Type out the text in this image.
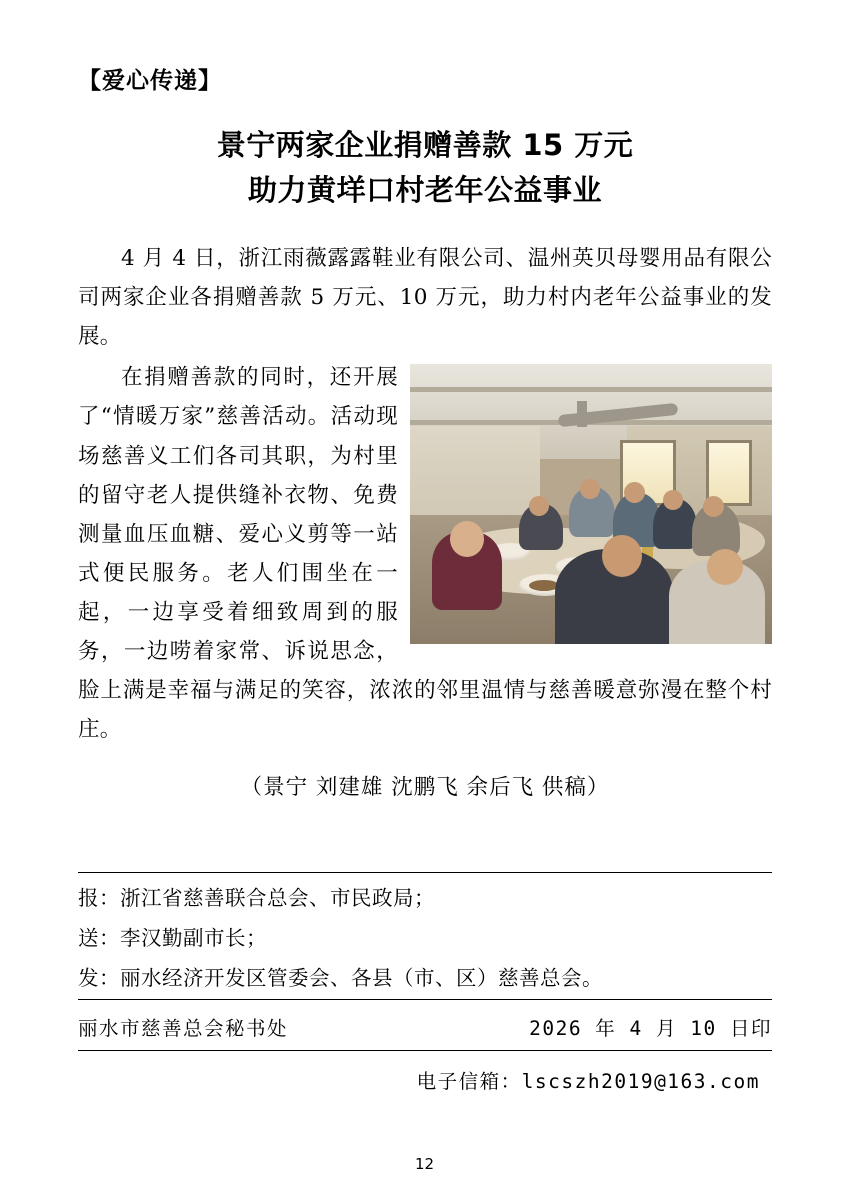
【爱心传递】
景宁两家企业捐赠善款 15 万元
助力黄垟口村老年公益事业

4 月 4 日，浙江雨薇露露鞋业有限公司、温州英贝母婴用品有限公司两家企业各捐赠善款 5 万元、10 万元，助力村内老年公益事业的发展。

在捐赠善款的同时，还开展了“情暖万家”慈善活动。活动现场慈善义工们各司其职，为村里的留守老人提供缝补衣物、免费测量血压血糖、爱心义剪等一站式便民服务。老人们围坐在一起，一边享受着细致周到的服务，一边唠着家常、诉说思念，脸上满是幸福与满足的笑容，浓浓的邻里温情与慈善暖意弥漫在整个村庄。

（景宁 刘建雄 沈鹏飞 余后飞 供稿）

报：浙江省慈善联合总会、市民政局；
送：李汉勤副市长；
发：丽水经济开发区管委会、各县（市、区）慈善总会。
丽水市慈善总会秘书处	2026 年 4 月 10 日印
电子信箱：lscszh2019@163.com
12
